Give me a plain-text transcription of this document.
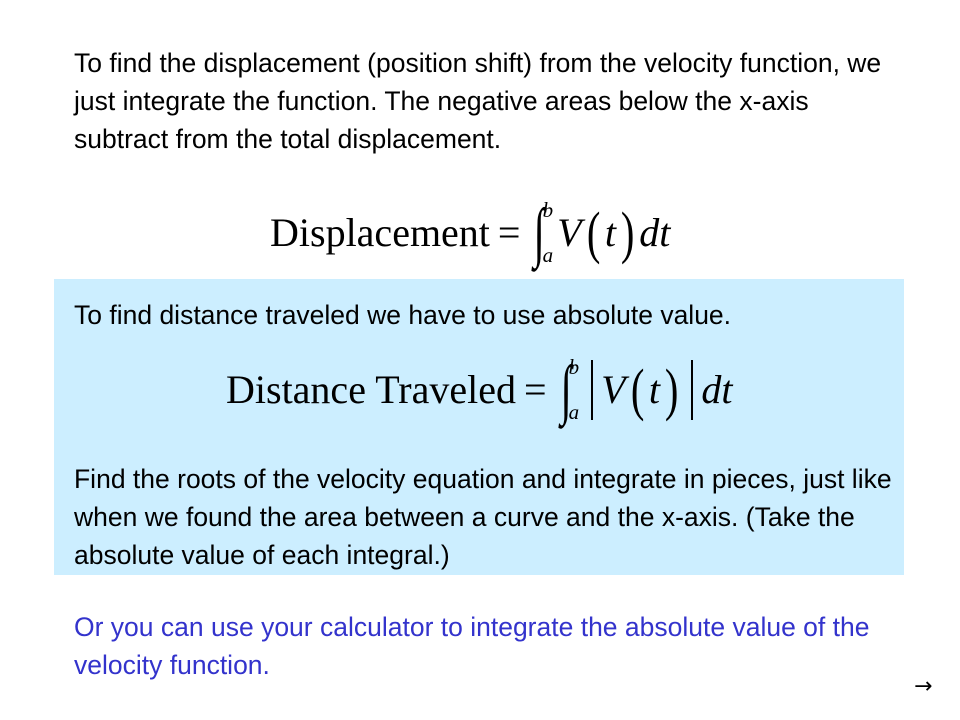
To find the displacement (position shift) from the velocity function, we just integrate the function. The negative areas below the x-axis subtract from the total displacement.

Displacement = ∫
b
a V ( t ) dt

To find distance traveled we have to use absolute value.

Distance Traveled = ∫
b
a V ( t ) dt

Find the roots of the velocity equation and integrate in pieces, just like when we found the area between a curve and the x-axis. (Take the absolute value of each integral.)

Or you can use your calculator to integrate the absolute value of the velocity function.

→
